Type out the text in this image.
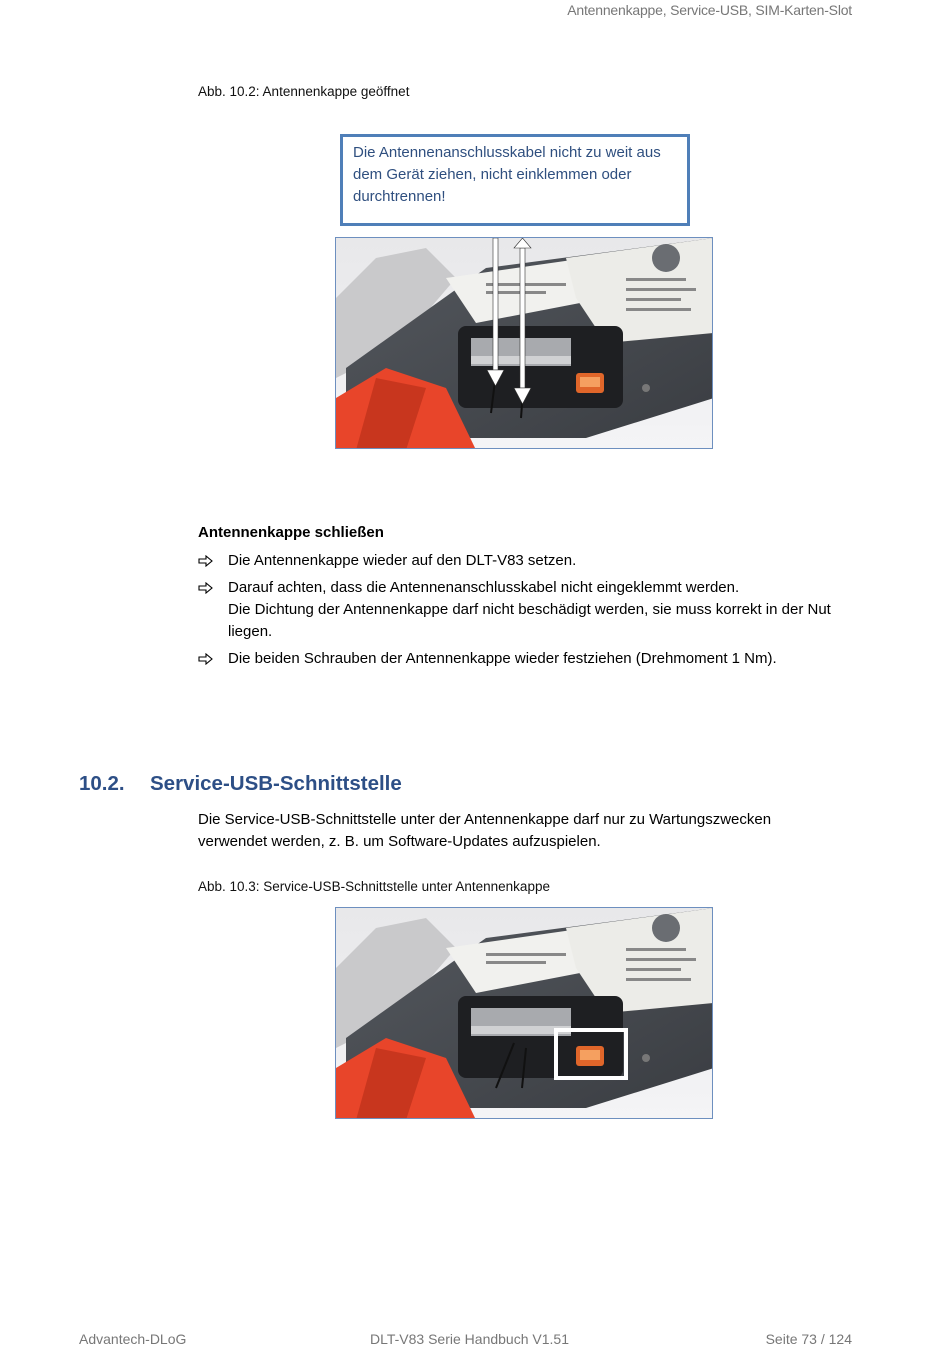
Antennenkappe, Service-USB, SIM-Karten-Slot
Abb. 10.2: Antennenkappe geöffnet
Die Antennenanschlusskabel nicht zu weit aus dem Gerät ziehen, nicht einklemmen oder durchtrennen!
Antennenkappe schließen
Die Antennenkappe wieder auf den DLT-V83 setzen.
Darauf achten, dass die Antennenanschlusskabel nicht eingeklemmt werden.
Die Dichtung der Antennenkappe darf nicht beschädigt werden, sie muss korrekt in der Nut liegen.
Die beiden Schrauben der Antennenkappe wieder festziehen (Drehmoment 1 Nm).
10.2. Service-USB-Schnittstelle
Die Service-USB-Schnittstelle unter der Antennenkappe darf nur zu Wartungszwecken verwendet werden, z. B. um Software-Updates aufzuspielen.
Abb. 10.3: Service-USB-Schnittstelle unter Antennenkappe
Advantech-DLoG	DLT-V83 Serie Handbuch V1.51	Seite 73 / 124
